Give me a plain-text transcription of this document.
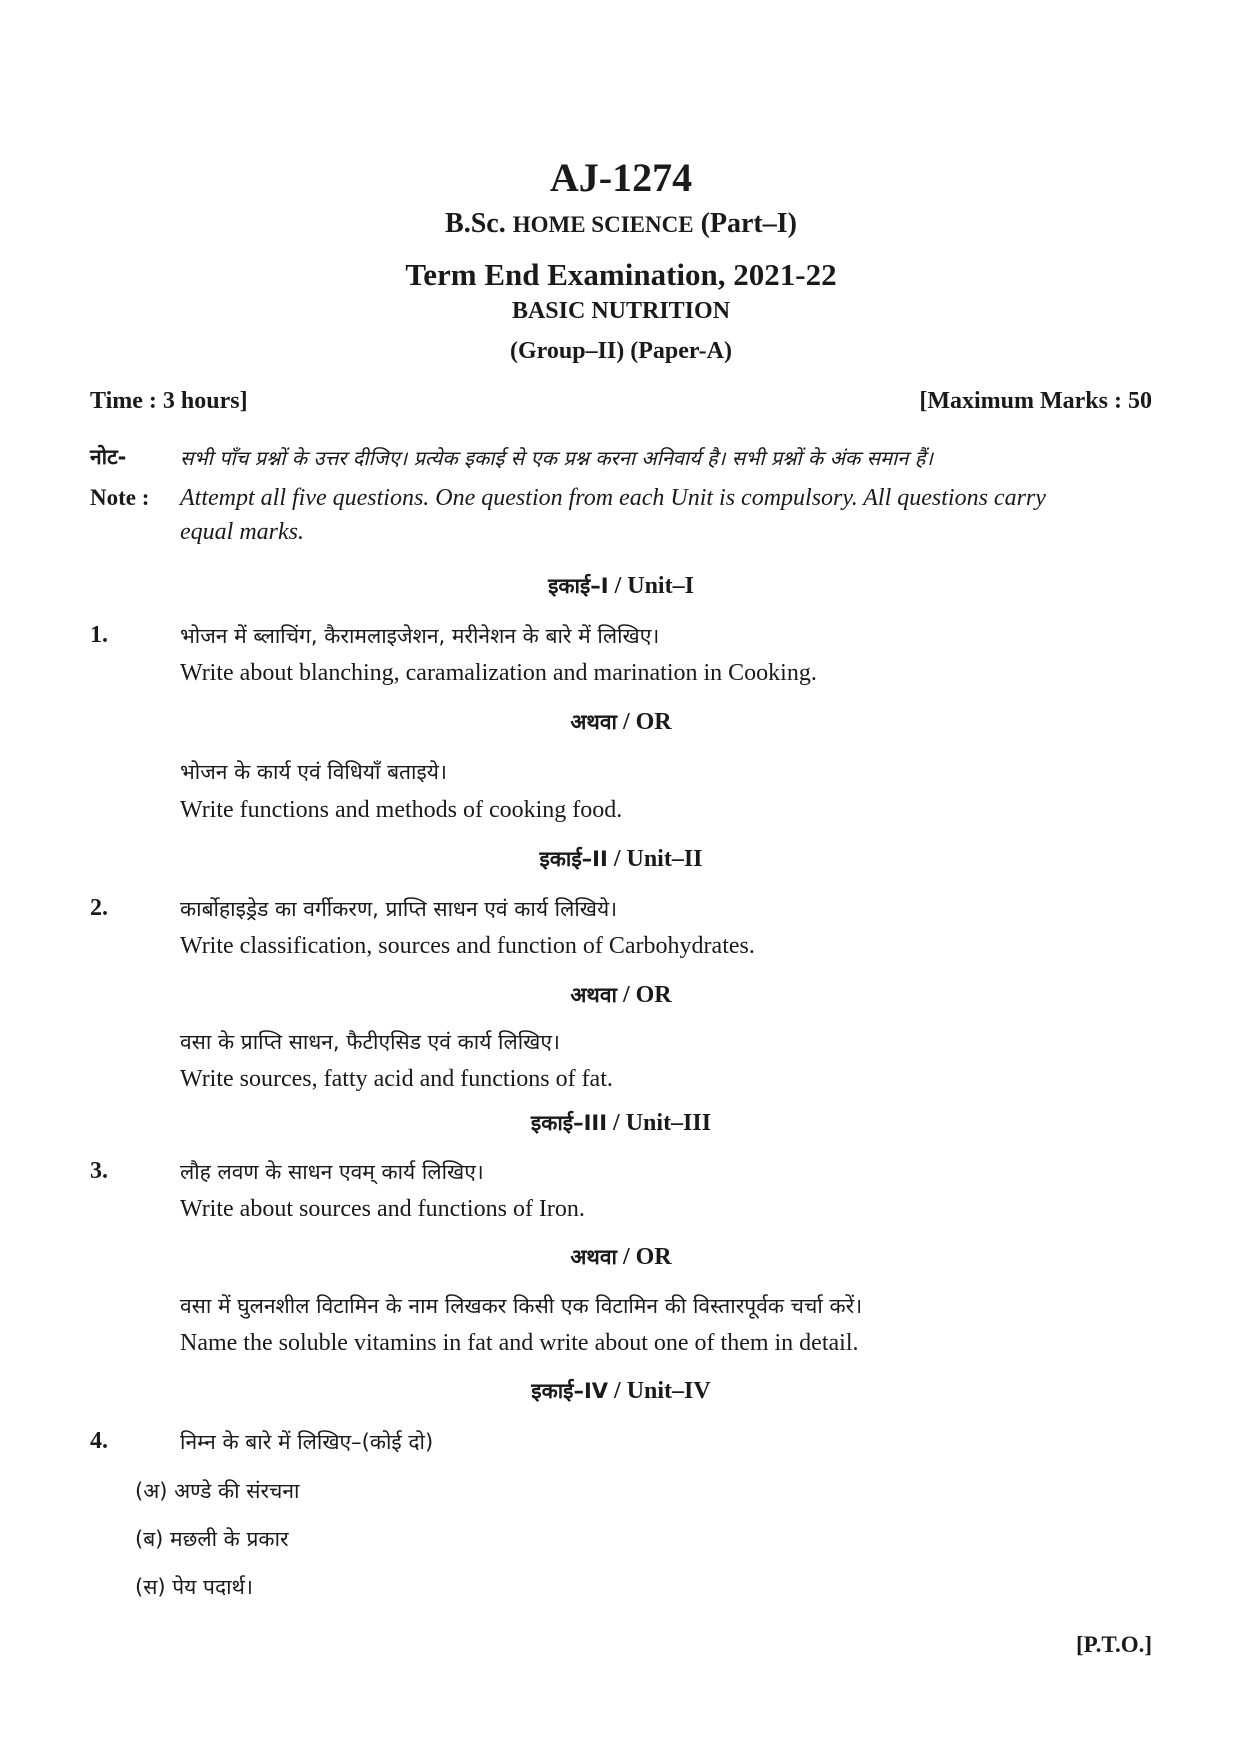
AJ-1274
B.Sc. HOME SCIENCE (Part–I)
Term End Examination, 2021-22
BASIC NUTRITION
(Group–II) (Paper-A)
Time : 3 hours]	[Maximum Marks : 50
नोट-	सभी पाँच प्रश्नों के उत्तर दीजिए। प्रत्येक इकाई से एक प्रश्न करना अनिवार्य है। सभी प्रश्नों के अंक समान हैं।
Note : Attempt all five questions. One question from each Unit is compulsory. All questions carry
equal marks.
इकाई–I / Unit–I
1.	भोजन में ब्लाचिंग, कैरामलाइजेशन, मरीनेशन के बारे में लिखिए।
Write about blanching, caramalization and marination in Cooking.
अथवा / OR
भोजन के कार्य एवं विधियाँ बताइये।
Write functions and methods of cooking food.
इकाई–II / Unit–II
2.	कार्बोहाइड्रेड का वर्गीकरण, प्राप्ति साधन एवं कार्य लिखिये।
Write classification, sources and function of Carbohydrates.
अथवा / OR
वसा के प्राप्ति साधन, फैटीएसिड एवं कार्य लिखिए।
Write sources, fatty acid and functions of fat.
इकाई–III / Unit–III
3.	लौह लवण के साधन एवम् कार्य लिखिए।
Write about sources and functions of Iron.
अथवा / OR
वसा में घुलनशील विटामिन के नाम लिखकर किसी एक विटामिन की विस्तारपूर्वक चर्चा करें।
Name the soluble vitamins in fat and write about one of them in detail.
इकाई–IV / Unit–IV
4.	निम्न के बारे में लिखिए–(कोई दो)
(अ) अण्डे की संरचना
(ब) मछली के प्रकार
(स) पेय पदार्थ।
[P.T.O.]
